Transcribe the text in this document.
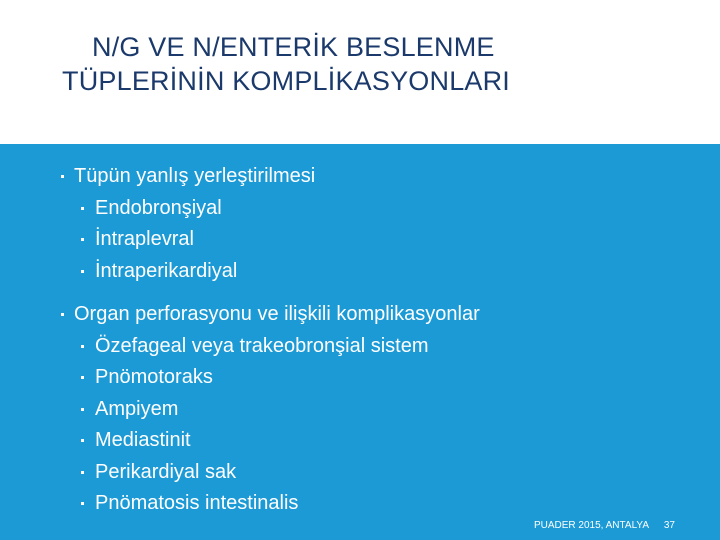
N/G VE N/ENTERİK BESLENME
TÜPLERİNİN KOMPLİKASYONLARI
Tüpün yanlış yerleştirilmesi
Endobronşiyal
İntraplevral
İntraperikardiyal
Organ perforasyonu ve ilişkili komplikasyonlar
Özefageal veya trakeobronşial sistem
Pnömotoraks
Ampiyem
Mediastinit
Perikardiyal sak
Pnömatosis intestinalis
PUADER 2015, ANTALYA 37
